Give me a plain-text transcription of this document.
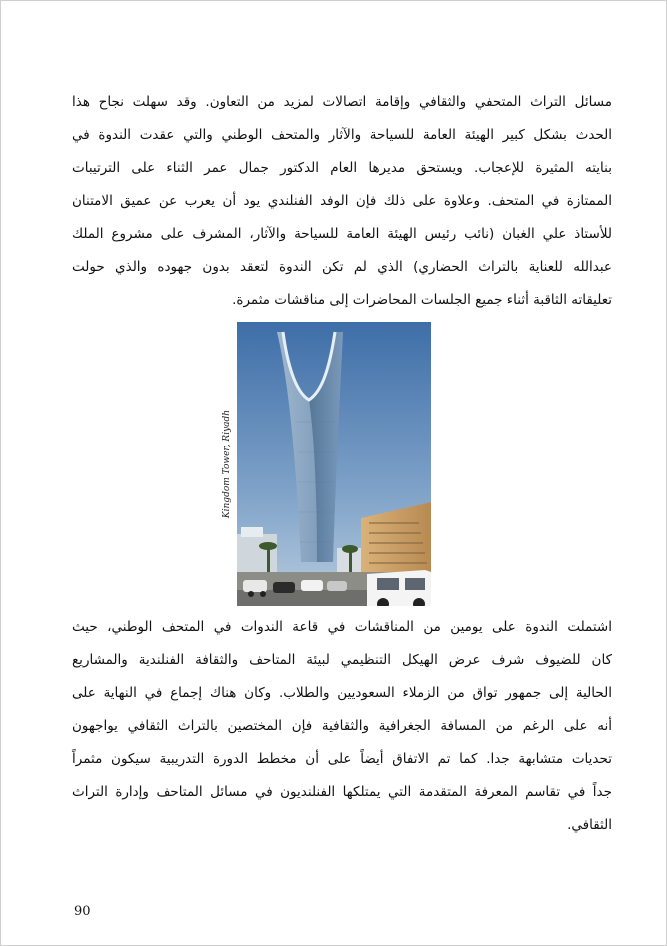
مسائل التراث المتحفي والثقافي وإقامة اتصالات لمزيد من التعاون. وقد سهلت نجاح هذا
الحدث بشكل كبير الهيئة العامة للسياحة والآثار والمتحف الوطني والتي عقدت الندوة في
بنايته المثيرة للإعجاب. ويستحق مديرها العام الدكتور جمال عمر الثناء على الترتيبات
الممتازة في المتحف. وعلاوة على ذلك فإن الوفد الفنلندي يود أن يعرب عن عميق الامتنان
للأستاذ علي الغبان (نائب رئيس الهيئة العامة للسياحة والآثار، المشرف على مشروع الملك
عبدالله للعناية بالتراث الحضاري) الذي لم تكن الندوة لتعقد بدون جهوده والذي حولت
تعليقاته الثاقبة أثناء جميع الجلسات المحاضرات إلى مناقشات مثمرة.
Kingdom Tower, Riyadh
اشتملت الندوة على يومين من المناقشات في قاعة الندوات في المتحف الوطني، حيث
كان للضيوف شرف عرض الهيكل التنظيمي لبيئة المتاحف والثقافة الفنلندية والمشاريع
الحالية إلى جمهور تواق من الزملاء السعوديين والطلاب. وكان هناك إجماع في النهاية على
أنه على الرغم من المسافة الجغرافية والثقافية فإن المختصين بالتراث الثقافي يواجهون
تحديات متشابهة جدا. كما تم الاتفاق أيضاً على أن مخطط الدورة التدريبية سيكون مثمراً
جداً في تقاسم المعرفة المتقدمة التي يمتلكها الفنلنديون في مسائل المتاحف وإدارة التراث
الثقافي.
90
